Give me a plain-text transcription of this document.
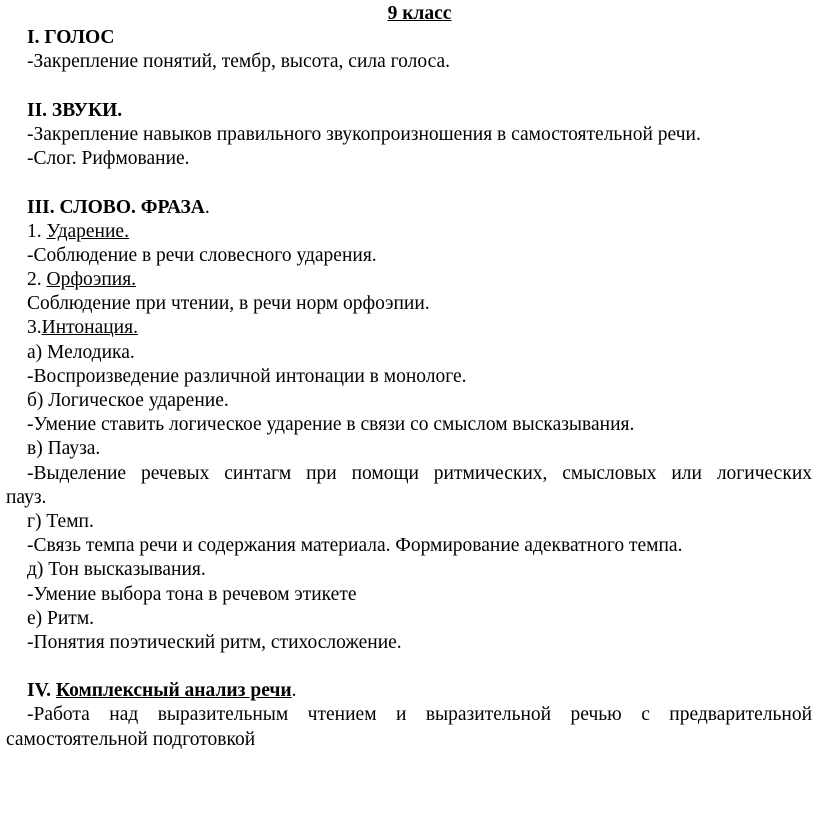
9 класс
I. ГОЛОС
-Закрепление понятий, тембр, высота, сила голоса.
II. ЗВУКИ.
-Закрепление навыков правильного звукопроизношения в самостоятельной речи.
-Слог. Рифмование.
III. СЛОВО. ФРАЗА.
1. Ударение.
-Соблюдение в речи словесного ударения.
2. Орфоэпия.
Соблюдение при чтении, в речи норм орфоэпии.
3.Интонация.
а) Мелодика.
-Воспроизведение различной интонации в монологе.
б) Логическое ударение.
-Умение ставить логическое ударение в связи со смыслом высказывания.
в) Пауза.
-Выделение речевых синтагм при помощи ритмических, смысловых или логических
пауз.
г) Темп.
-Связь темпа речи и содержания материала. Формирование адекватного темпа.
д) Тон высказывания.
-Умение выбора тона в речевом этикете
е) Ритм.
-Понятия поэтический ритм, стихосложение.
IV. Комплексный анализ речи.
-Работа над выразительным чтением и выразительной речью с предварительной
самостоятельной подготовкой
